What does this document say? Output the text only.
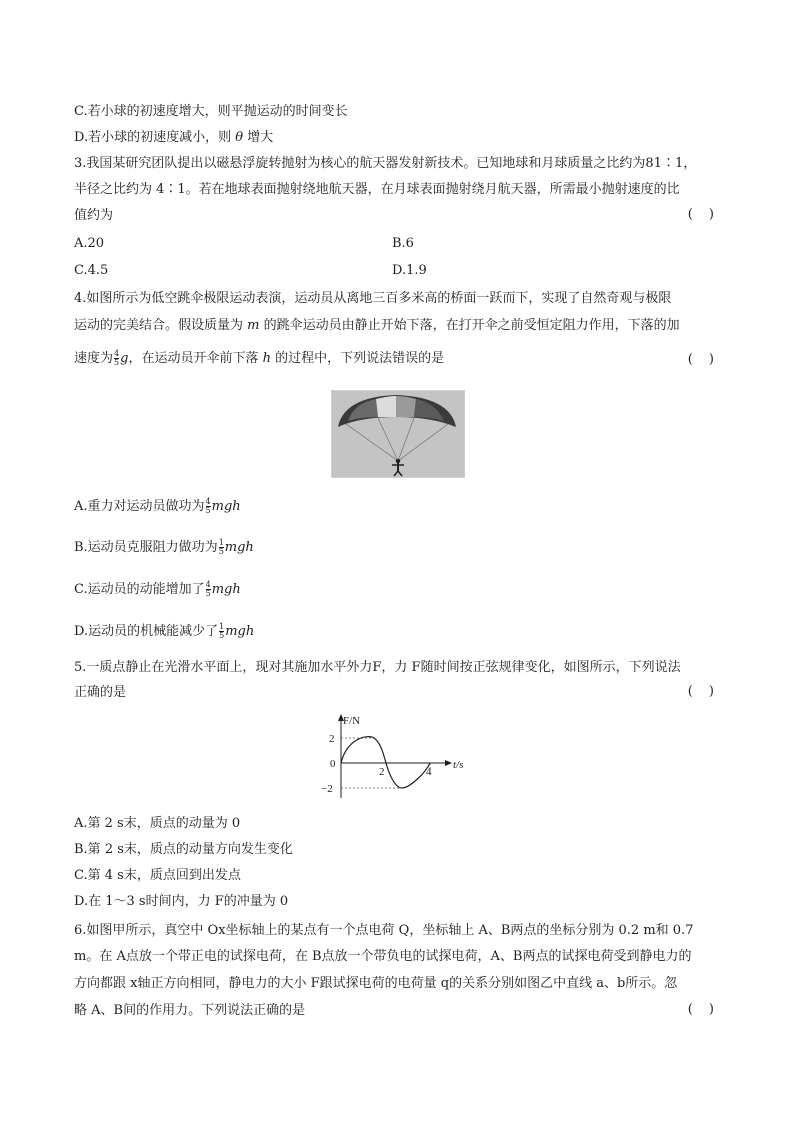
C.若小球的初速度增大，则平抛运动的时间变长
D.若小球的初速度减小，则 θ 增大
3.我国某研究团队提出以磁悬浮旋转抛射为核心的航天器发射新技术。已知地球和月球质量之比约为81∶1，
半径之比约为 4∶1。若在地球表面抛射绕地航天器，在月球表面抛射绕月航天器，所需最小抛射速度的比
值约为	( )
A.20	B.6
C.4.5	D.1.9
4.如图所示为低空跳伞极限运动表演，运动员从离地三百多米高的桥面一跃而下，实现了自然奇观与极限
运动的完美结合。假设质量为 m 的跳伞运动员由静止开始下落，在打开伞之前受恒定阻力作用，下落的加
速度为 $\frac{4}{5}$ g，在运动员开伞前下落 h 的过程中，下列说法错误的是	( )
A.重力对运动员做功为 $\frac{4}{5}$ mgh
B.运动员克服阻力做功为 $\frac{1}{5}$ mgh
C.运动员的动能增加了 $\frac{4}{5}$ mgh
D.运动员的机械能减少了 $\frac{1}{5}$ mgh
5.一质点静止在光滑水平面上，现对其施加水平外力F，力 F随时间按正弦规律变化，如图所示，下列说法
正确的是	( )
F/N
t/s
2
0
−2
2	4
A.第 2 s末，质点的动量为 0
B.第 2 s末，质点的动量方向发生变化
C.第 4 s末，质点回到出发点
D.在 1～3 s时间内，力 F的冲量为 0
6.如图甲所示，真空中 Ox坐标轴上的某点有一个点电荷 Q，坐标轴上 A、B两点的坐标分别为 0.2 m和 0.7
m。在 A点放一个带正电的试探电荷，在 B点放一个带负电的试探电荷，A、B两点的试探电荷受到静电力的
方向都跟 x轴正方向相同，静电力的大小 F跟试探电荷的电荷量 q的关系分别如图乙中直线 a、b所示。忽
略 A、B间的作用力。下列说法正确的是	( )
